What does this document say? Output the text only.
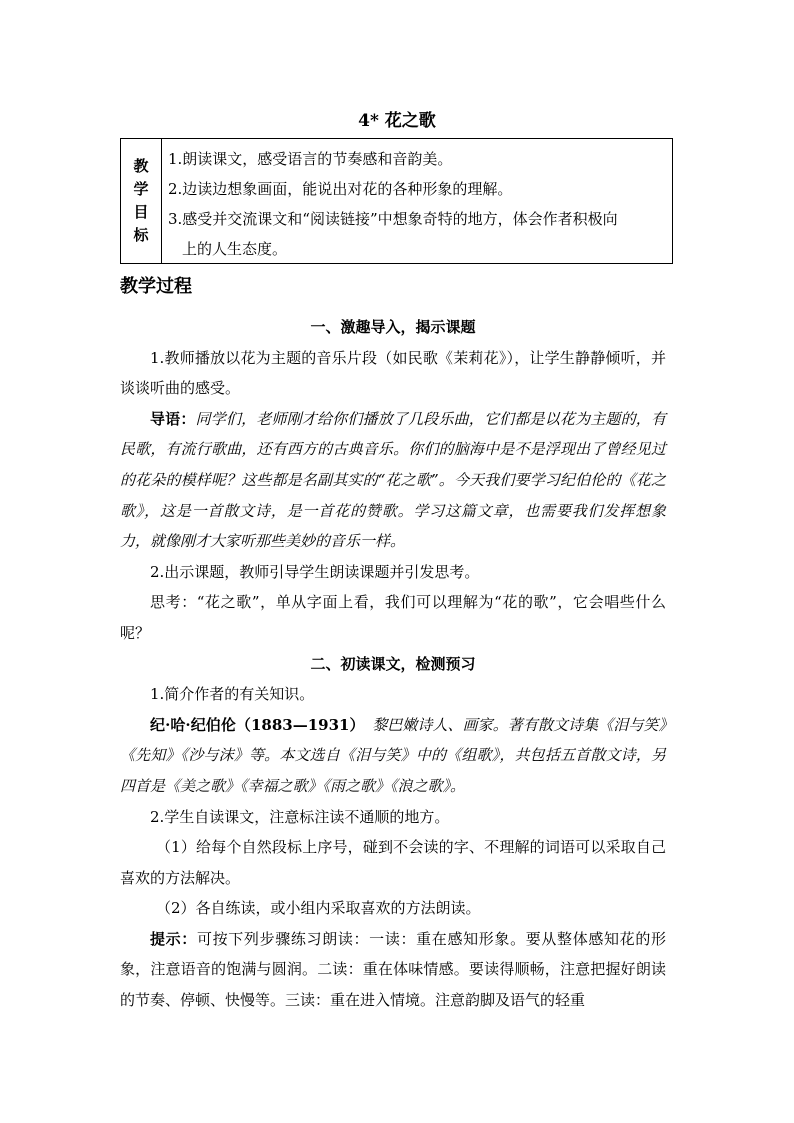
4* 花之歌
教
学
目
标
1.朗读课文，感受语言的节奏感和音韵美。
2.边读边想象画面，能说出对花的各种形象的理解。
3.感受并交流课文和“阅读链接”中想象奇特的地方，体会作者积极向
上的人生态度。
教学过程

一、激趣导入，揭示课题

1.教师播放以花为主题的音乐片段（如民歌《茉莉花》），让学生静静倾听，并谈谈听曲的感受。

导语：同学们，老师刚才给你们播放了几段乐曲，它们都是以花为主题的，有民歌，有流行歌曲，还有西方的古典音乐。你们的脑海中是不是浮现出了曾经见过的花朵的模样呢？这些都是名副其实的“花之歌”。今天我们要学习纪伯伦的《花之歌》，这是一首散文诗，是一首花的赞歌。学习这篇文章，也需要我们发挥想象力，就像刚才大家听那些美妙的音乐一样。

2.出示课题，教师引导学生朗读课题并引发思考。

思考：“花之歌”，单从字面上看，我们可以理解为“花的歌”，它会唱些什么呢？

二、初读课文，检测预习

1.简介作者的有关知识。

纪·哈·纪伯伦（1883—1931）　黎巴嫩诗人、画家。著有散文诗集《泪与笑》《先知》《沙与沫》等。本文选自《泪与笑》中的《组歌》，共包括五首散文诗，另四首是《美之歌》《幸福之歌》《雨之歌》《浪之歌》。

2.学生自读课文，注意标注读不通顺的地方。

（1）给每个自然段标上序号，碰到不会读的字、不理解的词语可以采取自己喜欢的方法解决。

（2）各自练读，或小组内采取喜欢的方法朗读。

提示：可按下列步骤练习朗读：一读：重在感知形象。要从整体感知花的形象，注意语音的饱满与圆润。二读：重在体味情感。要读得顺畅，注意把握好朗读的节奏、停顿、快慢等。三读：重在进入情境。注意韵脚及语气的轻重
